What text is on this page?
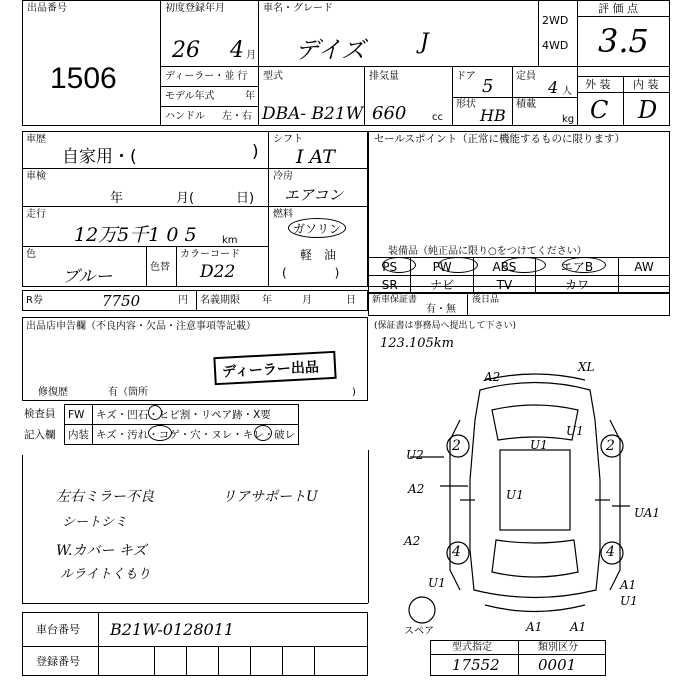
出品番号
1506
初度登録年月
26 4 月
車名・グレード
デイズ J
2WD
4WD
評 価 点
3.5
ディーラー・並 行
モデル年式	年
ハンドル 左・右
型式
DBA- B21W
排気量
660	cc
ドア 5 定員
4 人
形状
HB
積載
kg
外 装 内 装
C D
車歴
自家用・(	)
車検
年	月(	日)
走行
12万5千1 0 5	km
色
ブルー	色替
カラーコード
D22
シフト
I AT
冷房
エアコン
燃料
ガソリン
軽　油
(　　　　)
R券	7750	円 名義期限 年	月	日
セールスポイント（正常に機能するものに限ります）
装備品（純正品に限り○をつけてください）
PS	PW	ABS	エアB	AW
SR	ナビ	TV	カワ	
新車保証書
有・無
後日品
(保証書は事務局へ提出して下さい)
123.105km
出品店申告欄（不良内容・欠品・注意事項等記載）
ディーラー出品
修復歴	有（箇所	)
検査員
記入欄
FW	キズ・凹石・ヒビ割・リペア跡・X要
内装	キズ・汚れ・コゲ・穴・ヌレ・キレ・破レ
左右ミラー不良
シートシミ
W.カバー キズ
ルライトくもり
リアサポートU
2	2
4	4
スペア
A2
XL
U2
U1
U1
A2
U1
UA1
A2
U1
A1
U1
A1 A1
車台番号 B21W-0128011
登録番号
型式指定	類別区分
17552	0001
